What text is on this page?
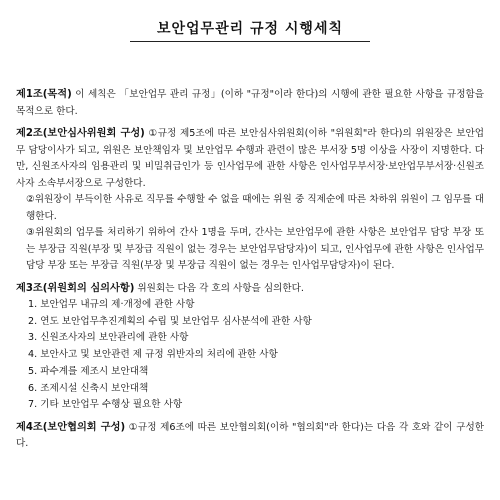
보안업무관리 규정 시행세칙
제1조(목적) 이 세칙은 「보안업무 관리 규정」(이하 "규정"이라 한다)의 시행에 관한 필요한 사항을 규정함을 목적으로 한다.
제2조(보안심사위원회 구성) ①규정 제5조에 따른 보안심사위원회(이하 "위원회"라 한다)의 위원장은 보안업무 담당이사가 되고, 위원은 보안책임자 및 보안업무 수행과 관련이 많은 부서장 5명 이상을 사장이 지명한다. 다만, 신원조사자의 임용관리 및 비밀취급인가 등 인사업무에 관한 사항은 인사업무부서장·보안업무부서장·신원조사자 소속부서장으로 구성한다.
②위원장이 부득이한 사유로 직무를 수행할 수 없을 때에는 위원 중 직제순에 따른 차하위 위원이 그 임무를 대행한다.
③위원회의 업무를 처리하기 위하여 간사 1명을 두며, 간사는 보안업무에 관한 사항은 보안업무 담당 부장 또는 부장급 직원(부장 및 부장급 직원이 없는 경우는 보안업무담당자)이 되고, 인사업무에 관한 사항은 인사업무 담당 부장 또는 부장급 직원(부장 및 부장급 직원이 없는 경우는 인사업무담당자)이 된다.
제3조(위원회의 심의사항) 위원회는 다음 각 호의 사항을 심의한다.
1. 보안업무 내규의 제·개정에 관한 사항
2. 연도 보안업무추진계획의 수립 및 보안업무 심사분석에 관한 사항
3. 신원조사자의 보안관리에 관한 사항
4. 보안사고 및 보안관련 제 규정 위반자의 처리에 관한 사항
5. 파수계를 제조시 보안대책
6. 조제시설 신축시 보안대책
7. 기타 보안업무 수행상 필요한 사항
제4조(보안협의회 구성) ①규정 제6조에 따른 보안협의회(이하 "협의회"라 한다)는 다음 각 호와 같이 구성한다.
